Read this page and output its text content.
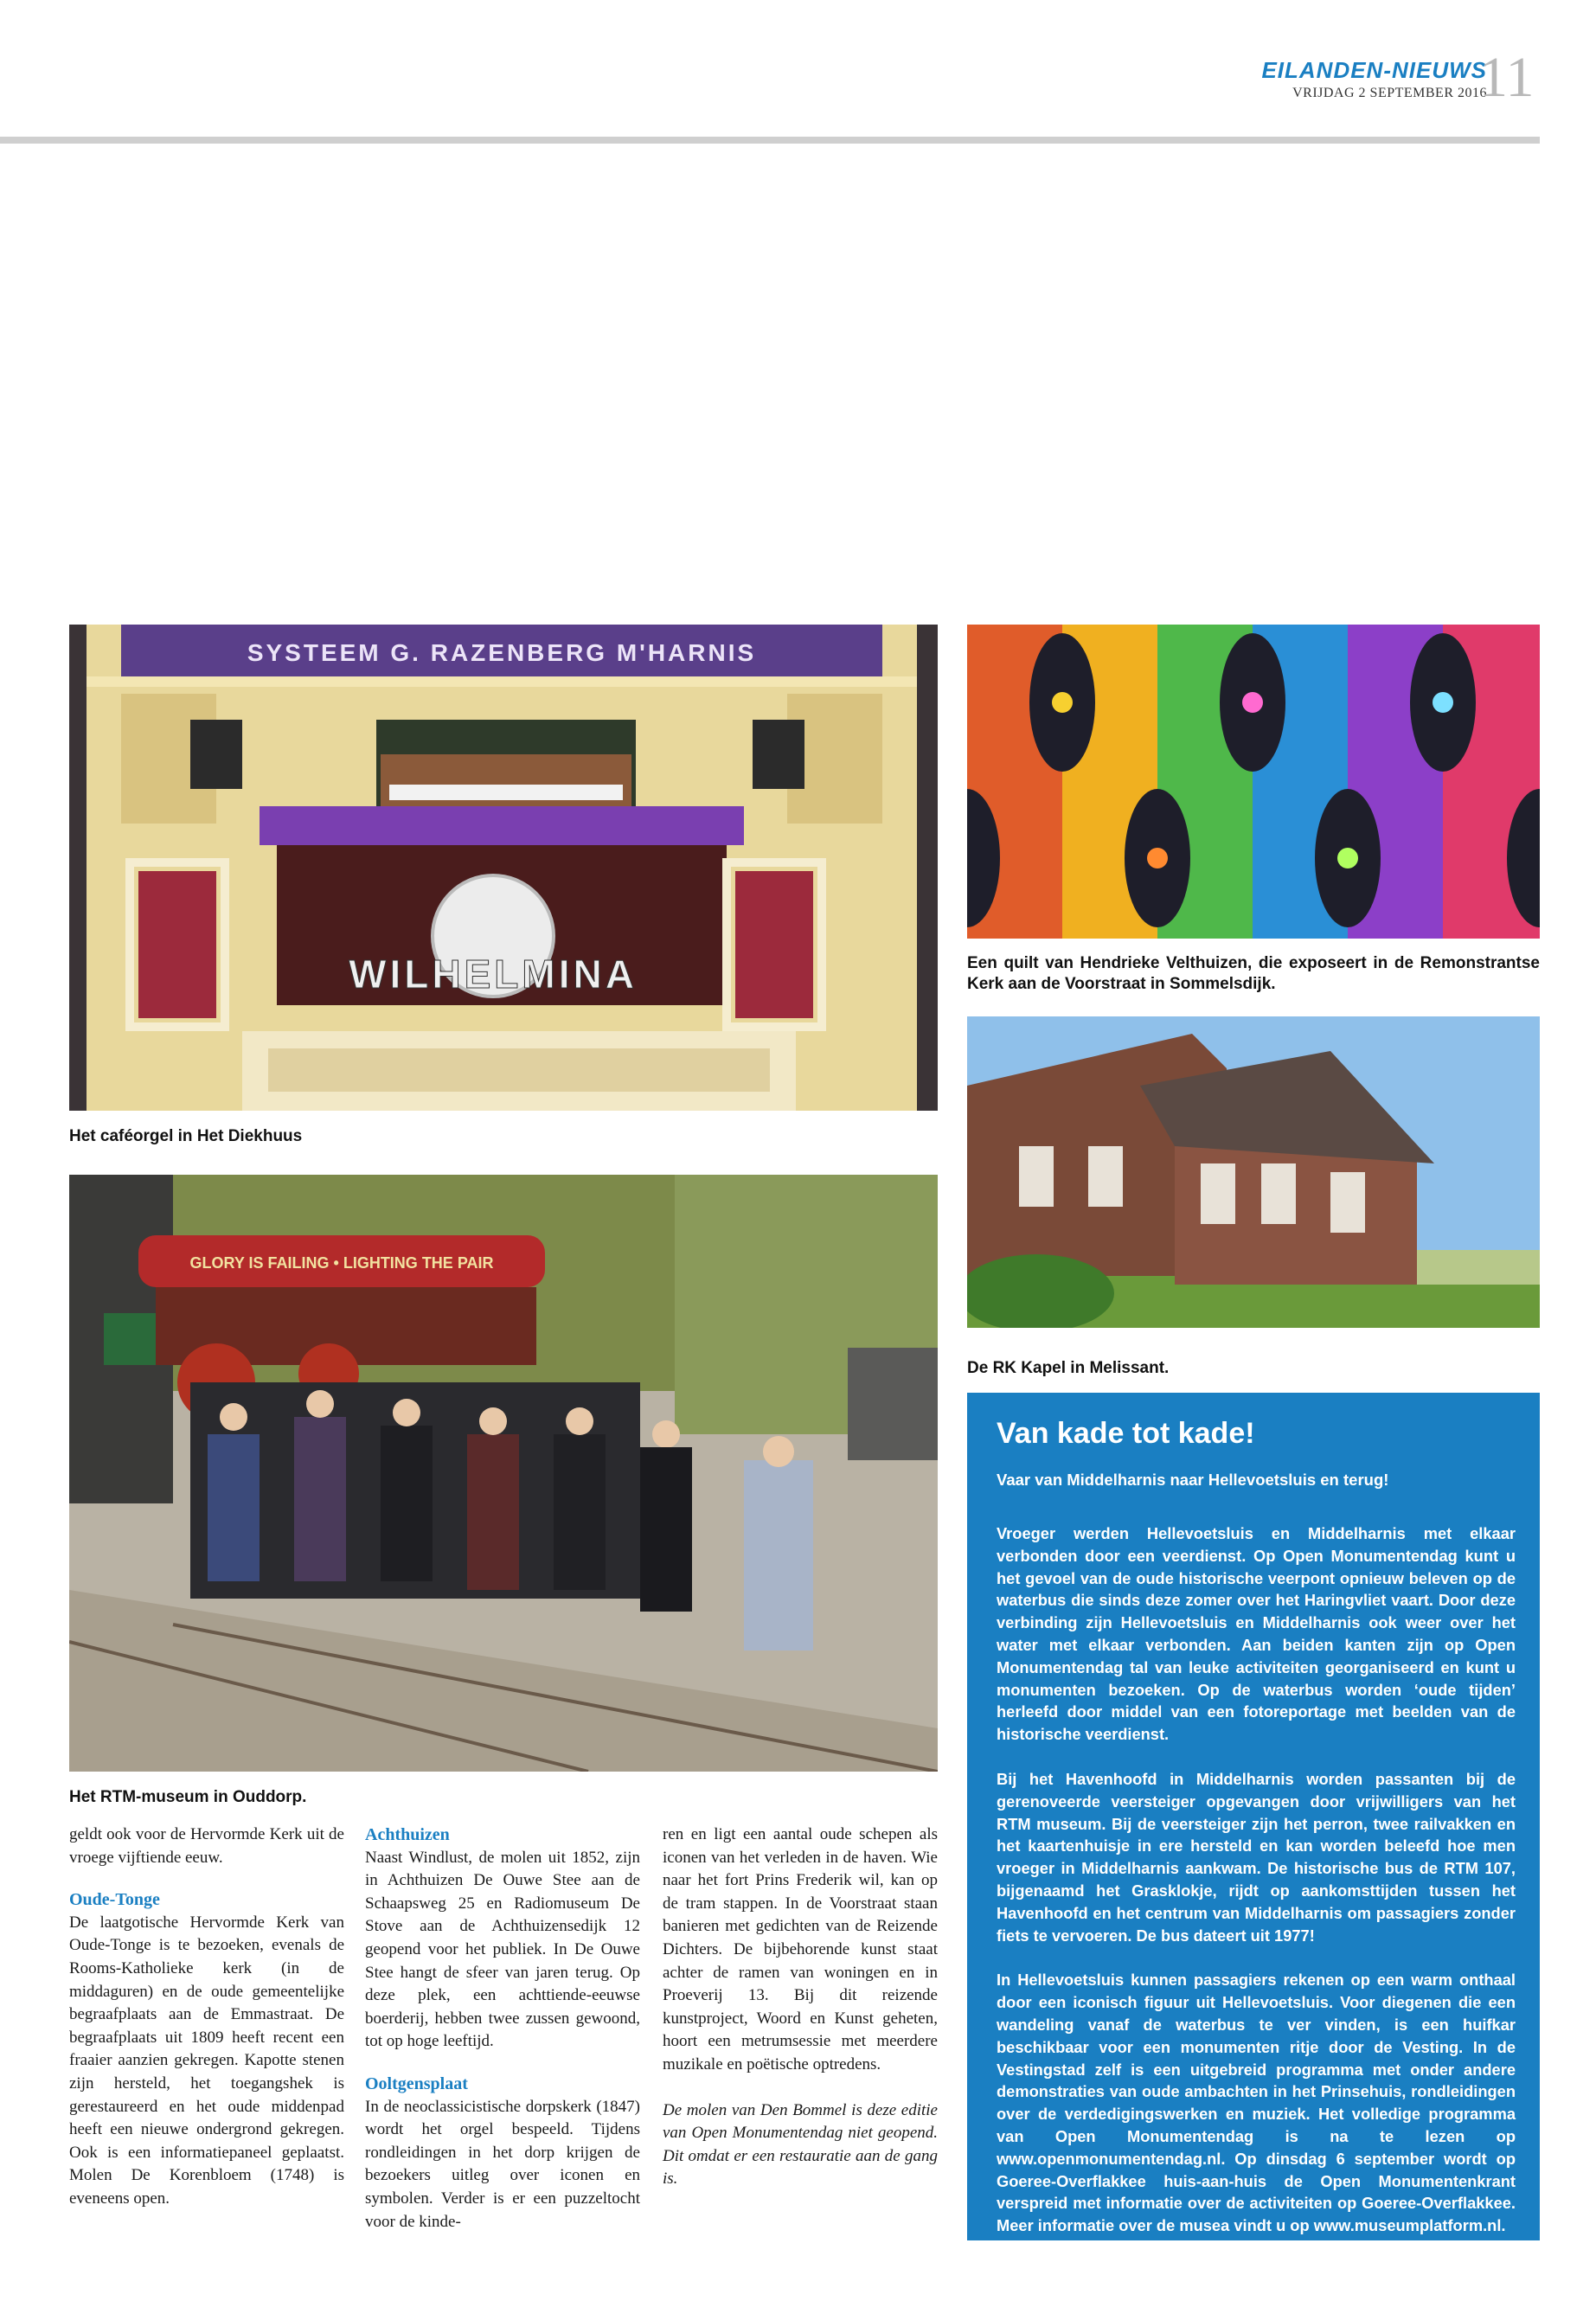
EILANDEN-NIEUWS
VRIJDAG 2 SEPTEMBER 2016
11
SYSTEEM G. RAZENBERG M'HARNIS
WILHELMINA
Het caféorgel in Het Diekhuus
Een quilt van Hendrieke Velthuizen, die exposeert in de Remonstrantse Kerk aan de Voorstraat in Sommelsdijk.
De RK Kapel in Melissant.
GLORY IS FAILING • LIGHTING THE PAIR
Het RTM-museum in Ouddorp.

geldt ook voor de Hervormde Kerk uit de vroege vijftiende eeuw.

Oude-Tonge

De laatgotische Hervormde Kerk van Oude-Tonge is te bezoeken, evenals de Rooms-Katholieke kerk (in de middaguren) en de oude gemeentelijke begraafplaats aan de Emmastraat. De begraafplaats uit 1809 heeft recent een fraaier aanzien gekregen. Kapotte stenen zijn hersteld, het toegangshek is gerestaureerd en het oude middenpad heeft een nieuwe ondergrond gekregen. Ook is een informatiepaneel geplaatst. Molen De Korenbloem (1748) is eveneens open.

Achthuizen

Naast Windlust, de molen uit 1852, zijn in Achthuizen De Ouwe Stee aan de Schaapsweg 25 en Radiomuseum De Stove aan de Achthuizensedijk 12 geopend voor het publiek. In De Ouwe Stee hangt de sfeer van jaren terug. Op deze plek, een achttiende-eeuwse boerderij, hebben twee zussen gewoond, tot op hoge leeftijd.

Ooltgensplaat

In de neoclassicistische dorpskerk (1847) wordt het orgel bespeeld. Tijdens rondleidingen in het dorp krijgen de bezoekers uitleg over iconen en symbolen. Verder is er een puzzeltocht voor de kinde-

ren en ligt een aantal oude schepen als iconen van het verleden in de haven. Wie naar het fort Prins Frederik wil, kan op de tram stappen. In de Voorstraat staan banieren met gedichten van de Reizende Dichters. De bijbehorende kunst staat achter de ramen van woningen en in Proeverij 13. Bij dit reizende kunstproject, Woord en Kunst geheten, hoort een metrumsessie met meerdere muzikale en poëtische optredens.

De molen van Den Bommel is deze editie van Open Monumentendag niet geopend. Dit omdat er een restauratie aan de gang is.

Van kade tot kade!
Vaar van Middelharnis naar Hellevoetsluis en terug!

Vroeger werden Hellevoetsluis en Middelharnis met elkaar verbonden door een veerdienst. Op Open Monumentendag kunt u het gevoel van de oude historische veerpont opnieuw beleven op de waterbus die sinds deze zomer over het Haringvliet vaart. Door deze verbinding zijn Hellevoetsluis en Middelharnis ook weer over het water met elkaar verbonden. Aan beiden kanten zijn op Open Monumentendag tal van leuke activiteiten georganiseerd en kunt u monumenten bezoeken. Op de waterbus worden ‘oude tijden’ herleefd door middel van een fotoreportage met beelden van de historische veerdienst.

Bij het Havenhoofd in Middelharnis worden passanten bij de gerenoveerde veersteiger opgevangen door vrijwilligers van het RTM museum. Bij de veersteiger zijn het perron, twee railvakken en het kaartenhuisje in ere hersteld en kan worden beleefd hoe men vroeger in Middelharnis aankwam. De historische bus de RTM 107, bijgenaamd het Grasklokje, rijdt op aankomsttijden tussen het Havenhoofd en het centrum van Middelharnis om passagiers zonder fiets te vervoeren. De bus dateert uit 1977!

In Hellevoetsluis kunnen passagiers rekenen op een warm onthaal door een iconisch figuur uit Hellevoetsluis. Voor diegenen die een wandeling vanaf de waterbus te ver vinden, is een huifkar beschikbaar voor een monumenten ritje door de Vesting. In de Vestingstad zelf is een uitgebreid programma met onder andere demonstraties van oude ambachten in het Prinsehuis, rondleidingen over de verdedigingswerken en muziek. Het volledige programma van Open Monumentendag is na te lezen op www.openmonumentendag.nl. Op dinsdag 6 september wordt op Goeree-Overflakkee huis-aan-huis de Open Monumentenkrant verspreid met informatie over de activiteiten op Goeree-Overflakkee. Meer informatie over de musea vindt u op www.museumplatform.nl.
